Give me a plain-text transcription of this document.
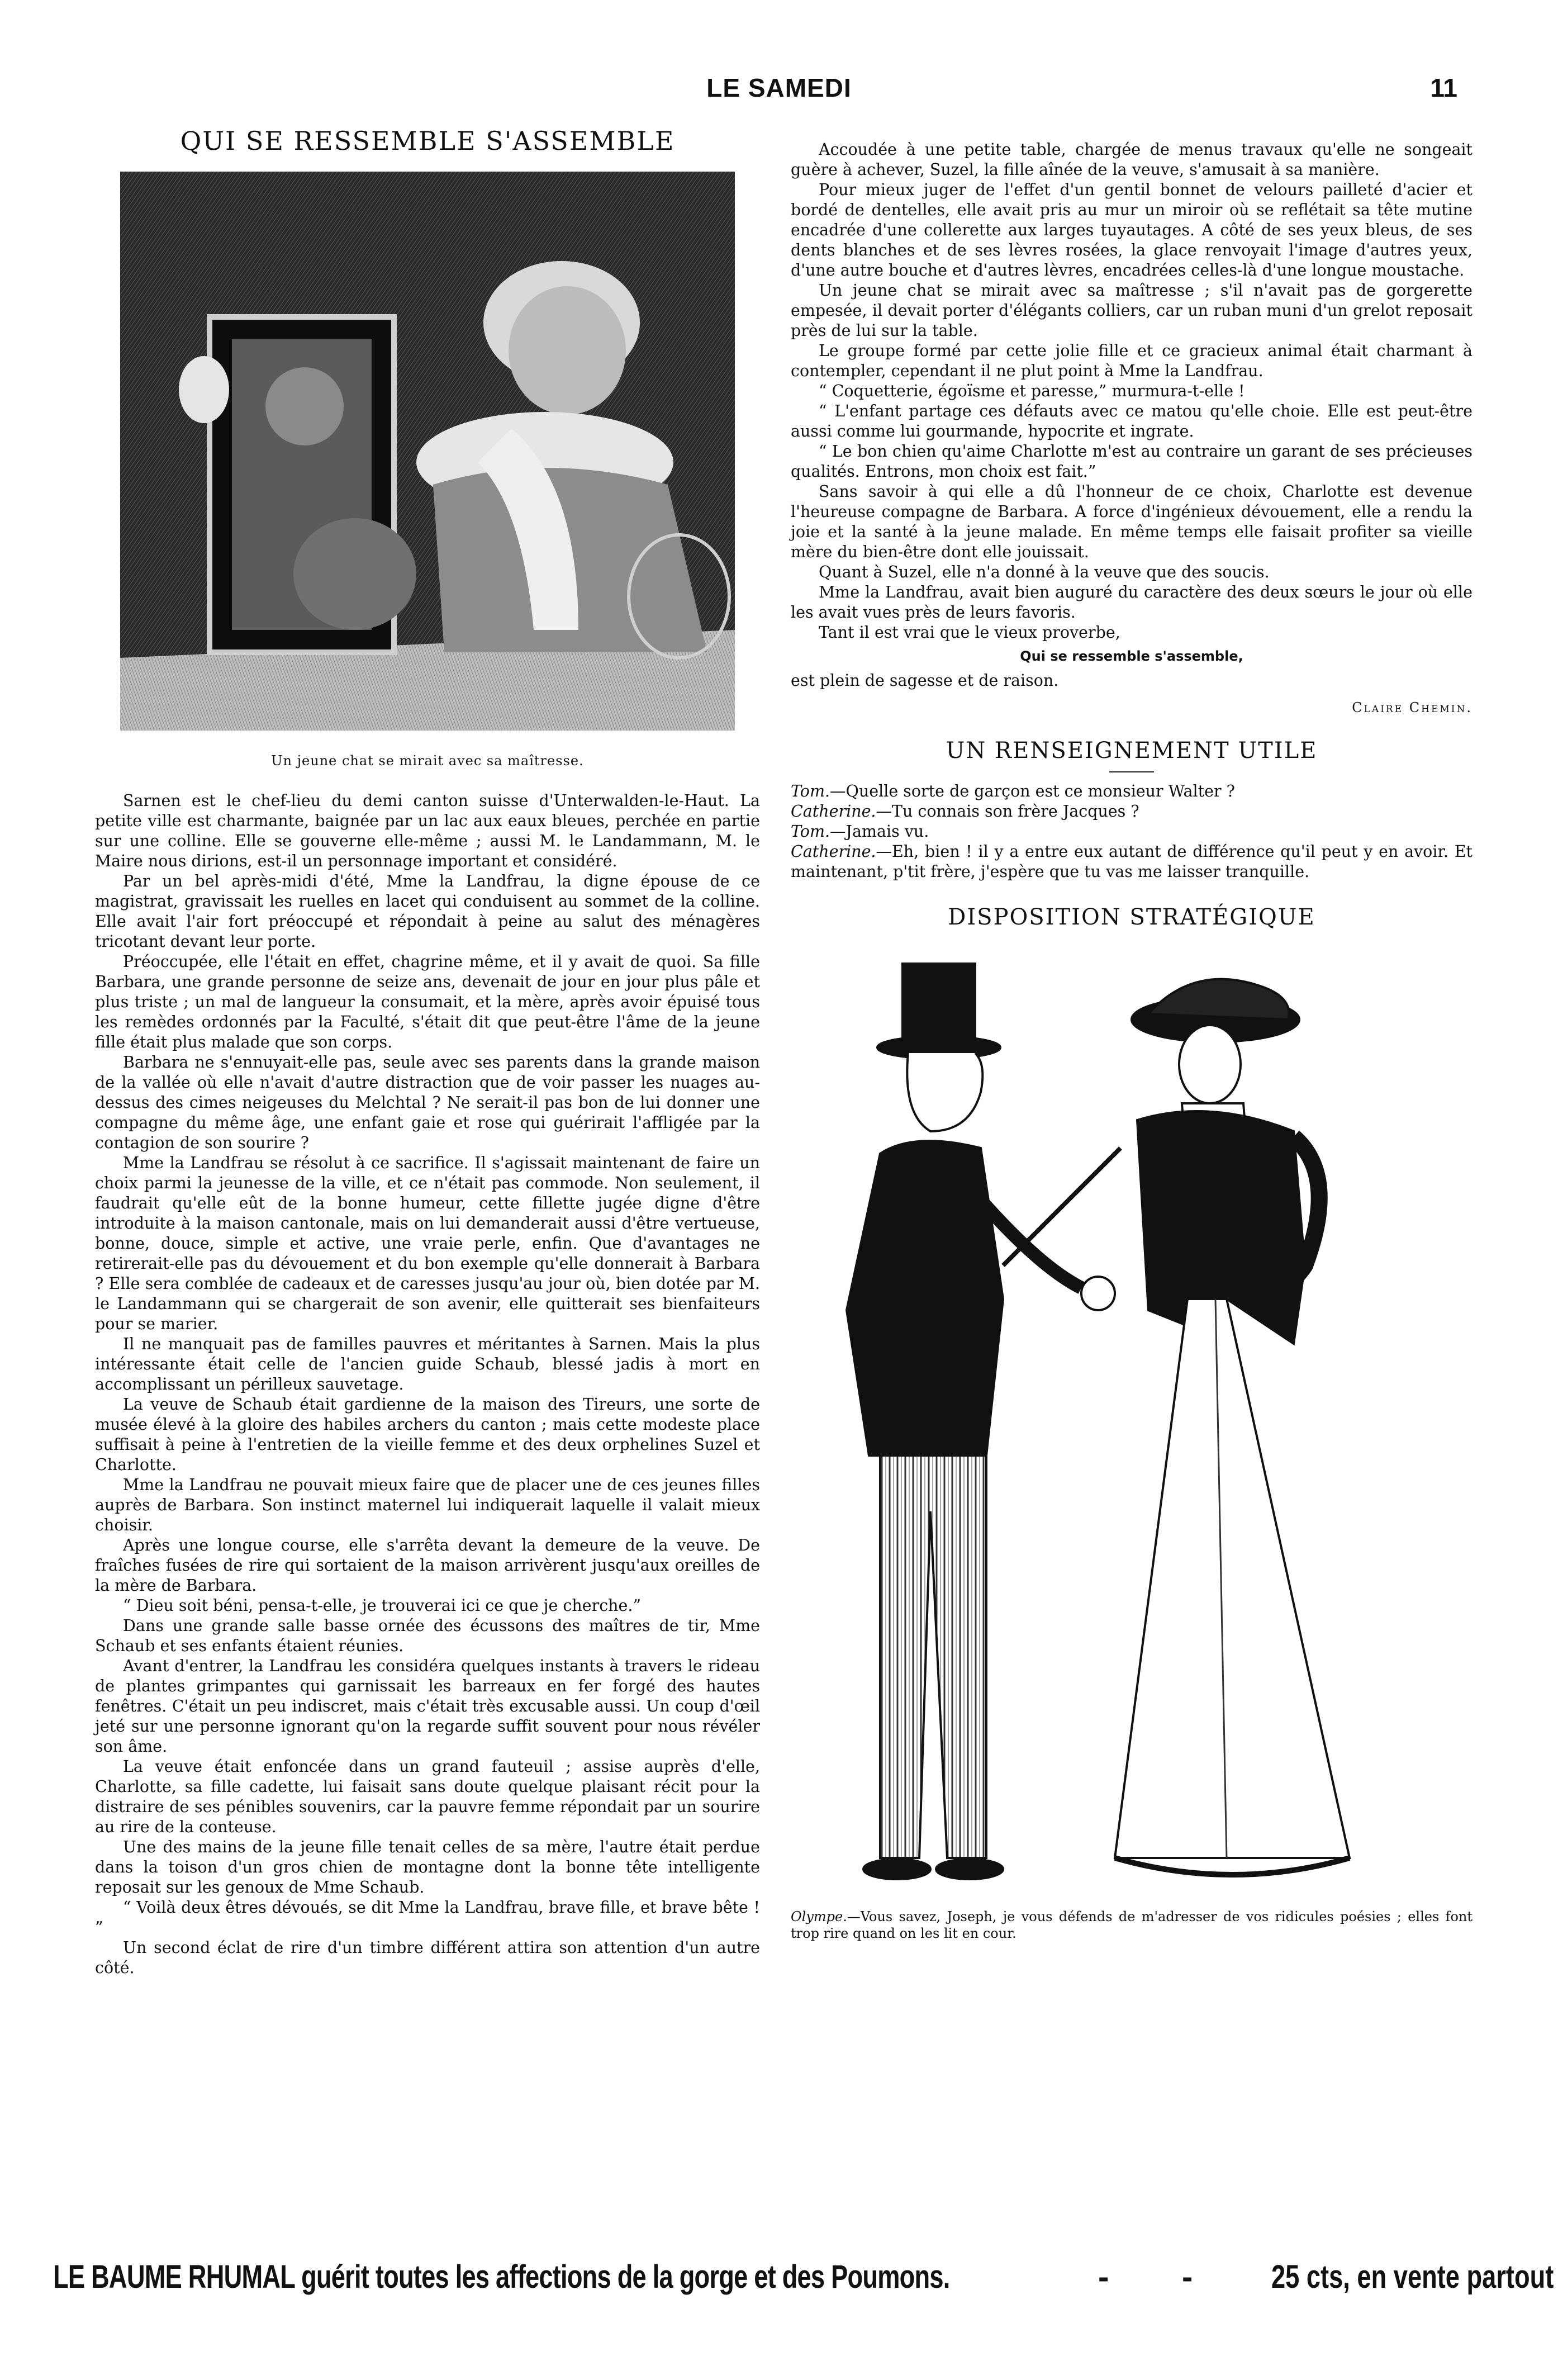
LE SAMEDI	11
QUI SE RESSEMBLE S'ASSEMBLE
Un jeune chat se mirait avec sa maîtresse.

Sarnen est le chef-lieu du demi canton suisse d'Unterwalden-le-Haut. La petite ville est charmante, baignée par un lac aux eaux bleues, perchée en partie sur une colline. Elle se gouverne elle-même ; aussi M. le Landammann, M. le Maire nous dirions, est-il un personnage important et considéré.

Par un bel après-midi d'été, Mme la Landfrau, la digne épouse de ce magistrat, gravissait les ruelles en lacet qui conduisent au sommet de la colline. Elle avait l'air fort préoccupé et répondait à peine au salut des ménagères tricotant devant leur porte.

Préoccupée, elle l'était en effet, chagrine même, et il y avait de quoi. Sa fille Barbara, une grande personne de seize ans, devenait de jour en jour plus pâle et plus triste ; un mal de langueur la consumait, et la mère, après avoir épuisé tous les remèdes ordonnés par la Faculté, s'était dit que peut-être l'âme de la jeune fille était plus malade que son corps.

Barbara ne s'ennuyait-elle pas, seule avec ses parents dans la grande maison de la vallée où elle n'avait d'autre distraction que de voir passer les nuages au-dessus des cimes neigeuses du Melchtal ? Ne serait-il pas bon de lui donner une compagne du même âge, une enfant gaie et rose qui guérirait l'affligée par la contagion de son sourire ?

Mme la Landfrau se résolut à ce sacrifice. Il s'agissait maintenant de faire un choix parmi la jeunesse de la ville, et ce n'était pas commode. Non seulement, il faudrait qu'elle eût de la bonne humeur, cette fillette jugée digne d'être introduite à la maison cantonale, mais on lui demanderait aussi d'être vertueuse, bonne, douce, simple et active, une vraie perle, enfin. Que d'avantages ne retirerait-elle pas du dévouement et du bon exemple qu'elle donnerait à Barbara ? Elle sera comblée de cadeaux et de caresses jusqu'au jour où, bien dotée par M. le Landammann qui se chargerait de son avenir, elle quitterait ses bienfaiteurs pour se marier.

Il ne manquait pas de familles pauvres et méritantes à Sarnen. Mais la plus intéressante était celle de l'ancien guide Schaub, blessé jadis à mort en accomplissant un périlleux sauvetage.

La veuve de Schaub était gardienne de la maison des Tireurs, une sorte de musée élevé à la gloire des habiles archers du canton ; mais cette modeste place suffisait à peine à l'entretien de la vieille femme et des deux orphelines Suzel et Charlotte.

Mme la Landfrau ne pouvait mieux faire que de placer une de ces jeunes filles auprès de Barbara. Son instinct maternel lui indiquerait laquelle il valait mieux choisir.

Après une longue course, elle s'arrêta devant la demeure de la veuve. De fraîches fusées de rire qui sortaient de la maison arrivèrent jusqu'aux oreilles de la mère de Barbara.

“ Dieu soit béni, pensa-t-elle, je trouverai ici ce que je cherche.”

Dans une grande salle basse ornée des écussons des maîtres de tir, Mme Schaub et ses enfants étaient réunies.

Avant d'entrer, la Landfrau les considéra quelques instants à travers le rideau de plantes grimpantes qui garnissait les barreaux en fer forgé des hautes fenêtres. C'était un peu indiscret, mais c'était très excusable aussi. Un coup d'œil jeté sur une personne ignorant qu'on la regarde suffit souvent pour nous révéler son âme.

La veuve était enfoncée dans un grand fauteuil ; assise auprès d'elle, Charlotte, sa fille cadette, lui faisait sans doute quelque plaisant récit pour la distraire de ses pénibles souvenirs, car la pauvre femme répondait par un sourire au rire de la conteuse.

Une des mains de la jeune fille tenait celles de sa mère, l'autre était perdue dans la toison d'un gros chien de montagne dont la bonne tête intelligente reposait sur les genoux de Mme Schaub.

“ Voilà deux êtres dévoués, se dit Mme la Landfrau, brave fille, et brave bête ! ”

Un second éclat de rire d'un timbre différent attira son attention d'un autre côté.

Accoudée à une petite table, chargée de menus travaux qu'elle ne songeait guère à achever, Suzel, la fille aînée de la veuve, s'amusait à sa manière.

Pour mieux juger de l'effet d'un gentil bonnet de velours pailleté d'acier et bordé de dentelles, elle avait pris au mur un miroir où se reflétait sa tête mutine encadrée d'une collerette aux larges tuyautages. A côté de ses yeux bleus, de ses dents blanches et de ses lèvres rosées, la glace renvoyait l'image d'autres yeux, d'une autre bouche et d'autres lèvres, encadrées celles-là d'une longue moustache.

Un jeune chat se mirait avec sa maîtresse ; s'il n'avait pas de gorgerette empesée, il devait porter d'élégants colliers, car un ruban muni d'un grelot reposait près de lui sur la table.

Le groupe formé par cette jolie fille et ce gracieux animal était charmant à contempler, cependant il ne plut point à Mme la Landfrau.

“ Coquetterie, égoïsme et paresse,” murmura-t-elle !

“ L'enfant partage ces défauts avec ce matou qu'elle choie. Elle est peut-être aussi comme lui gourmande, hypocrite et ingrate.

“ Le bon chien qu'aime Charlotte m'est au contraire un garant de ses précieuses qualités. Entrons, mon choix est fait.”

Sans savoir à qui elle a dû l'honneur de ce choix, Charlotte est devenue l'heureuse compagne de Barbara. A force d'ingénieux dévouement, elle a rendu la joie et la santé à la jeune malade. En même temps elle faisait profiter sa vieille mère du bien-être dont elle jouissait.

Quant à Suzel, elle n'a donné à la veuve que des soucis.

Mme la Landfrau, avait bien auguré du caractère des deux sœurs le jour où elle les avait vues près de leurs favoris.

Tant il est vrai que le vieux proverbe,

Qui se ressemble s'assemble,

est plein de sagesse et de raison.

Claire Chemin.
UN RENSEIGNEMENT UTILE

Tom.—Quelle sorte de garçon est ce monsieur Walter ?

Catherine.—Tu connais son frère Jacques ?

Tom.—Jamais vu.

Catherine.—Eh, bien ! il y a entre eux autant de différence qu'il peut y en avoir. Et maintenant, p'tit frère, j'espère que tu vas me laisser tranquille.

DISPOSITION STRATÉGIQUE
Olympe.—Vous savez, Joseph, je vous défends de m'adresser de vos ridicules poésies ; elles font trop rire quand on les lit en cour.
LE BAUME RHUMAL guérit toutes les affections de la gorge et des Poumons.	- - 25 cts, en vente partout
